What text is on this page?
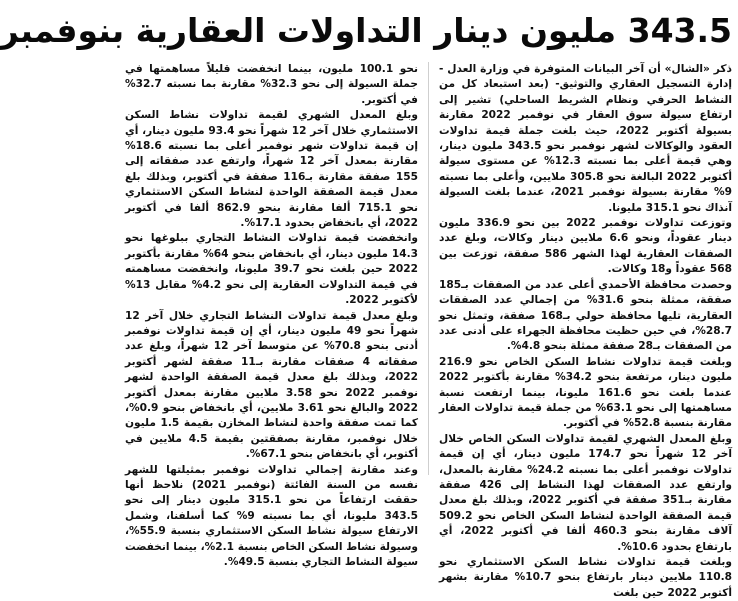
343.5 مليون دينار التداولات العقارية بنوفمبر

ذكر «الشال» أن آخر البيانات المتوفرة في وزارة العدل - إدارة التسجيل العقاري والتوثيق- (بعد استبعاد كل من النشاط الحرفي ونظام الشريط الساحلي) تشير إلى ارتفاع سيولة سوق العقار في نوفمبر 2022 مقارنة بسيولة أكتوبر 2022، حيث بلغت جملة قيمة تداولات العقود والوكالات لشهر نوفمبر نحو 343.5 مليون دينار، وهي قيمة أعلى بما نسبته 12.3% عن مستوى سيولة أكتوبر 2022 البالغة نحو 305.8 ملايين، وأعلى بما نسبته 9% مقارنة بسيولة نوفمبر 2021، عندما بلغت السيولة آنذاك نحو 315.1 مليونا.

وتوزعت تداولات نوفمبر 2022 بين نحو 336.9 مليون دينار عقوداً، ونحو 6.6 ملايين دينار وكالات، وبلغ عدد الصفقات العقارية لهذا الشهر 586 صفقة، توزعت بين 568 عقوداً و18 وكالات.

وحصدت محافظة الأحمدي أعلى عدد من الصفقات بـ185 صفقة، ممثلة بنحو 31.6% من إجمالي عدد الصفقات العقارية، تليها محافظة حولي بـ168 صفقة، وتمثل نحو 28.7%، في حين حظيت محافظة الجهراء على أدنى عدد من الصفقات بـ28 صفقة ممثلة بنحو 4.8%.

وبلغت قيمة تداولات نشاط السكن الخاص نحو 216.9 مليون دينار، مرتفعة بنحو 34.2% مقارنة بأكتوبر 2022 عندما بلغت نحو 161.6 مليونا، بينما ارتفعت نسبة مساهمتها إلى نحو 63.1% من جملة قيمة تداولات العقار مقارنة بنسبة 52.8% في أكتوبر.

وبلغ المعدل الشهري لقيمة تداولات السكن الخاص خلال آخر 12 شهراً نحو 174.7 مليون دينار، أي إن قيمة تداولات نوفمبر أعلى بما نسبته 24.2% مقارنة بالمعدل، وارتفع عدد الصفقات لهذا النشاط إلى 426 صفقة مقارنة بـ351 صفقة في أكتوبر 2022، وبذلك بلغ معدل قيمة الصفقة الواحدة لنشاط السكن الخاص نحو 509.2 آلاف مقارنة بنحو 460.3 ألفا في أكتوبر 2022، أي بارتفاع بحدود 10.6%.

وبلغت قيمة تداولات نشاط السكن الاستثماري نحو 110.8 ملايين دينار بارتفاع بنحو 10.7% مقارنة بشهر أكتوبر 2022 حين بلغت

نحو 100.1 مليون، بينما انخفضت قليلاً مساهمتها في جملة السيولة إلى نحو 32.3% مقارنة بما نسبته 32.7% في أكتوبر.

وبلغ المعدل الشهري لقيمة تداولات نشاط السكن الاستثماري خلال آخر 12 شهراً نحو 93.4 مليون دينار، أي إن قيمة تداولات شهر نوفمبر أعلى بما نسبته 18.6% مقارنة بمعدل آخر 12 شهراً، وارتفع عدد صفقاته إلى 155 صفقة مقارنة بـ116 صفقة في أكتوبر، وبذلك بلغ معدل قيمة الصفقة الواحدة لنشاط السكن الاستثماري نحو 715.1 ألفا مقارنة بنحو 862.9 ألفا في أكتوبر 2022، أي بانخفاض بحدود 17.1%.

وانخفضت قيمة تداولات النشاط التجاري ببلوغها نحو 14.3 مليون دينار، أي بانخفاض بنحو 64% مقارنة بأكتوبر 2022 حين بلغت نحو 39.7 مليونا، وانخفضت مساهمته في قيمة التداولات العقارية إلى نحو 4.2% مقابل 13% لأكتوبر 2022.

وبلغ معدل قيمة تداولات النشاط التجاري خلال آخر 12 شهراً نحو 49 مليون دينار، أي إن قيمة تداولات نوفمبر أدنى بنحو 70.8% عن متوسط آخر 12 شهراً، وبلغ عدد صفقاته 4 صفقات مقارنة بـ11 صفقة لشهر أكتوبر 2022، وبذلك بلغ معدل قيمة الصفقة الواحدة لشهر نوفمبر 2022 نحو 3.58 ملايين مقارنة بمعدل أكتوبر 2022 والبالغ نحو 3.61 ملايين، أي بانخفاض بنحو 0.9%، كما تمت صفقة واحدة لنشاط المخازن بقيمة 1.5 مليون خلال نوفمبر، مقارنة بصفقتين بقيمة 4.5 ملايين في أكتوبر، أي بانخفاض بنحو 67.1%.

وعند مقارنة إجمالي تداولات نوفمبر بمثيلتها للشهر نفسه من السنة الفائتة (نوفمبر 2021) نلاحظ أنها حققت ارتفاعاً من نحو 315.1 مليون دينار إلى نحو 343.5 مليونا، أي بما نسبته 9% كما أسلفنا، وشمل الارتفاع سيولة نشاط السكن الاستثماري بنسبة 55.9%، وسيولة نشاط السكن الخاص بنسبة 2.1%، بينما انخفضت سيولة النشاط التجاري بنسبة 49.5%.
